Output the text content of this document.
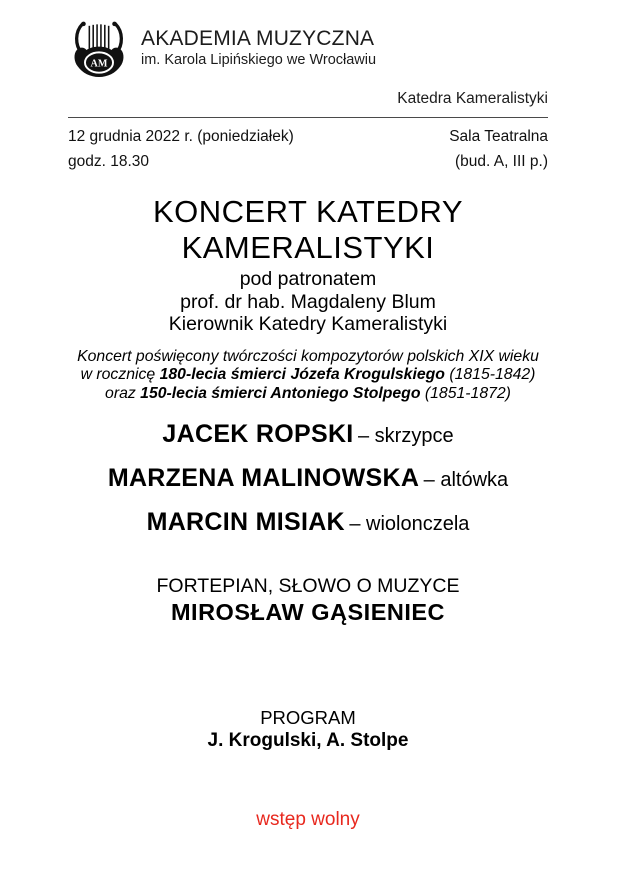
AM
AKADEMIA MUZYCZNA
im. Karola Lipińskiego we Wrocławiu
Katedra Kameralistyki
12 grudnia 2022 r. (poniedziałek)
godz. 18.30
Sala Teatralna
(bud. A, III p.)
KONCERT KATEDRY
KAMERALISTYKI
pod patronatem
prof. dr hab. Magdaleny Blum
Kierownik Katedry Kameralistyki
Koncert poświęcony twórczości kompozytorów polskich XIX wieku
w rocznicę 180-lecia śmierci Józefa Krogulskiego (1815-1842)
oraz 150-lecia śmierci Antoniego Stolpego (1851-1872)
JACEK ROPSKI – skrzypce
MARZENA MALINOWSKA – altówka
MARCIN MISIAK – wiolonczela
FORTEPIAN, SŁOWO O MUZYCE
MIROSŁAW GĄSIENIEC
PROGRAM
J. Krogulski, A. Stolpe
wstęp wolny
